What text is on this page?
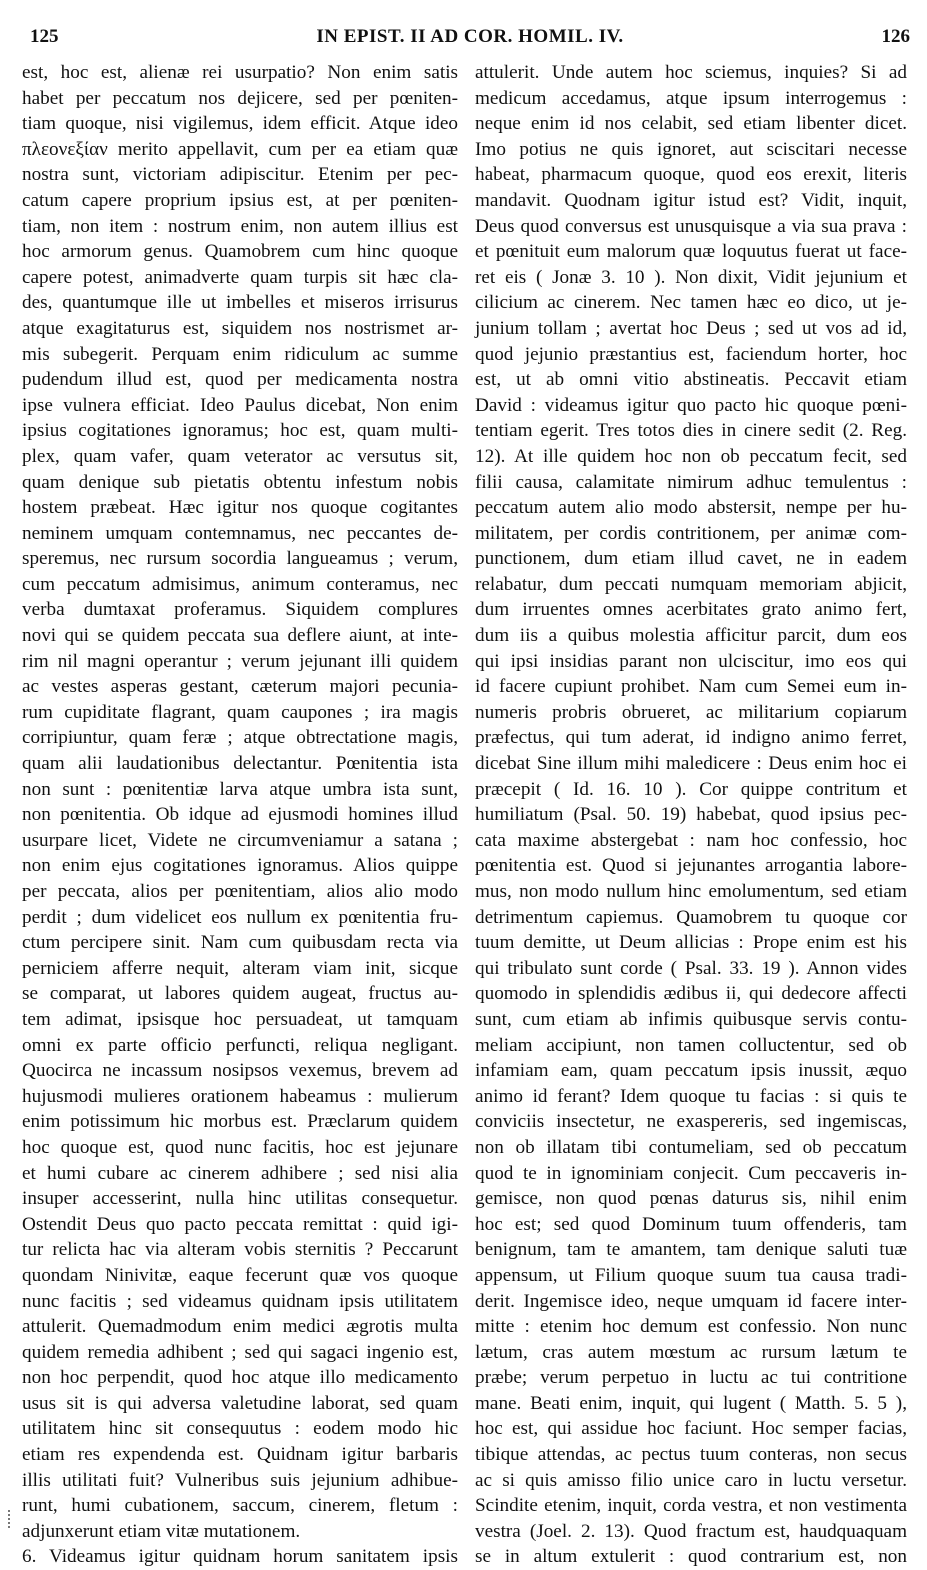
125	IN EPIST. II AD COR. HOMIL. IV.	126
est, hoc est, alienæ rei usurpatio? Non enim satis
habet per peccatum nos dejicere, sed per pœniten-
tiam quoque, nisi vigilemus, idem efficit. Atque ideo
πλεονεξίαν merito appellavit, cum per ea etiam quæ
nostra sunt, victoriam adipiscitur. Etenim per pec-
catum capere proprium ipsius est, at per pœniten-
tiam, non item : nostrum enim, non autem illius est
hoc armorum genus. Quamobrem cum hinc quoque
capere potest, animadverte quam turpis sit hæc cla-
des, quantumque ille ut imbelles et miseros irrisurus
atque exagitaturus est, siquidem nos nostrismet ar-
mis subegerit. Perquam enim ridiculum ac summe
pudendum illud est, quod per medicamenta nostra
ipse vulnera efficiat. Ideo Paulus dicebat, Non enim
ipsius cogitationes ignoramus; hoc est, quam multi-
plex, quam vafer, quam veterator ac versutus sit,
quam denique sub pietatis obtentu infestum nobis
hostem præbeat. Hæc igitur nos quoque cogitantes
neminem umquam contemnamus, nec peccantes de-
speremus, nec rursum socordia langueamus ; verum,
cum peccatum admisimus, animum conteramus, nec
verba dumtaxat proferamus. Siquidem complures
novi qui se quidem peccata sua deflere aiunt, at inte-
rim nil magni operantur ; verum jejunant illi quidem
ac vestes asperas gestant, cæterum majori pecunia-
rum cupiditate flagrant, quam caupones ; ira magis
corripiuntur, quam feræ ; atque obtrectatione magis,
quam alii laudationibus delectantur. Pœnitentia ista
non sunt : pœnitentiæ larva atque umbra ista sunt,
non pœnitentia. Ob idque ad ejusmodi homines illud
usurpare licet, Videte ne circumveniamur a satana ;
non enim ejus cogitationes ignoramus. Alios quippe
per peccata, alios per pœnitentiam, alios alio modo
perdit ; dum videlicet eos nullum ex pœnitentia fru-
ctum percipere sinit. Nam cum quibusdam recta via
perniciem afferre nequit, alteram viam init, sicque
se comparat, ut labores quidem augeat, fructus au-
tem adimat, ipsisque hoc persuadeat, ut tamquam
omni ex parte officio perfuncti, reliqua negligant.
Quocirca ne incassum nosipsos vexemus, brevem ad
hujusmodi mulieres orationem habeamus : mulierum
enim potissimum hic morbus est. Præclarum quidem
hoc quoque est, quod nunc facitis, hoc est jejunare
et humi cubare ac cinerem adhibere ; sed nisi alia
insuper accesserint, nulla hinc utilitas consequetur.
Ostendit Deus quo pacto peccata remittat : quid igi-
tur relicta hac via alteram vobis sternitis ? Peccarunt
quondam Ninivitæ, eaque fecerunt quæ vos quoque
nunc facitis ; sed videamus quidnam ipsis utilitatem
attulerit. Quemadmodum enim medici ægrotis multa
quidem remedia adhibent ; sed qui sagaci ingenio est,
non hoc perpendit, quod hoc atque illo medicamento
usus sit is qui adversa valetudine laborat, sed quam
utilitatem hinc sit consequutus : eodem modo hic
etiam res expendenda est. Quidnam igitur barbaris
illis utilitati fuit? Vulneribus suis jejunium adhibue-
runt, humi cubationem, saccum, cinerem, fletum :
adjunxerunt etiam vitæ mutationem.
6. Videamus igitur quidnam horum sanitatem ipsis
attulerit. Unde autem hoc sciemus, inquies? Si ad
medicum accedamus, atque ipsum interrogemus :
neque enim id nos celabit, sed etiam libenter dicet.
Imo potius ne quis ignoret, aut sciscitari necesse
habeat, pharmacum quoque, quod eos erexit, literis
mandavit. Quodnam igitur istud est? Vidit, inquit,
Deus quod conversus est unusquisque a via sua prava :
et pœnituit eum malorum quæ loquutus fuerat ut face-
ret eis ( Jonæ 3. 10 ). Non dixit, Vidit jejunium et
cilicium ac cinerem. Nec tamen hæc eo dico, ut je-
junium tollam ; avertat hoc Deus ; sed ut vos ad id,
quod jejunio præstantius est, faciendum horter, hoc
est, ut ab omni vitio abstineatis. Peccavit etiam
David : videamus igitur quo pacto hic quoque pœni-
tentiam egerit. Tres totos dies in cinere sedit (2. Reg.
12). At ille quidem hoc non ob peccatum fecit, sed
filii causa, calamitate nimirum adhuc temulentus :
peccatum autem alio modo abstersit, nempe per hu-
militatem, per cordis contritionem, per animæ com-
punctionem, dum etiam illud cavet, ne in eadem
relabatur, dum peccati numquam memoriam abjicit,
dum irruentes omnes acerbitates grato animo fert,
dum iis a quibus molestia afficitur parcit, dum eos
qui ipsi insidias parant non ulciscitur, imo eos qui
id facere cupiunt prohibet. Nam cum Semei eum in-
numeris probris obrueret, ac militarium copiarum
præfectus, qui tum aderat, id indigno animo ferret,
dicebat Sine illum mihi maledicere : Deus enim hoc ei
præcepit ( Id. 16. 10 ). Cor quippe contritum et
humiliatum (Psal. 50. 19) habebat, quod ipsius pec-
cata maxime abstergebat : nam hoc confessio, hoc
pœnitentia est. Quod si jejunantes arrogantia labore-
mus, non modo nullum hinc emolumentum, sed etiam
detrimentum capiemus. Quamobrem tu quoque cor
tuum demitte, ut Deum allicias : Prope enim est his
qui tribulato sunt corde ( Psal. 33. 19 ). Annon vides
quomodo in splendidis ædibus ii, qui dedecore affecti
sunt, cum etiam ab infimis quibusque servis contu-
meliam accipiunt, non tamen colluctentur, sed ob
infamiam eam, quam peccatum ipsis inussit, æquo
animo id ferant? Idem quoque tu facias : si quis te
conviciis insectetur, ne exaspereris, sed ingemiscas,
non ob illatam tibi contumeliam, sed ob peccatum
quod te in ignominiam conjecit. Cum peccaveris in-
gemisce, non quod pœnas daturus sis, nihil enim
hoc est; sed quod Dominum tuum offenderis, tam
benignum, tam te amantem, tam denique saluti tuæ
appensum, ut Filium quoque suum tua causa tradi-
derit. Ingemisce ideo, neque umquam id facere inter-
mitte : etenim hoc demum est confessio. Non nunc
lætum, cras autem mœstum ac rursum lætum te
præbe; verum perpetuo in luctu ac tui contritione
mane. Beati enim, inquit, qui lugent ( Matth. 5. 5 ),
hoc est, qui assidue hoc faciunt. Hoc semper facias,
tibique attendas, ac pectus tuum conteras, non secus
ac si quis amisso filio unice caro in luctu versetur.
Scindite etenim, inquit, corda vestra, et non vestimenta
vestra (Joel. 2. 13). Quod fractum est, haudquaquam
se in altum extulerit : quod contrarium est, non
